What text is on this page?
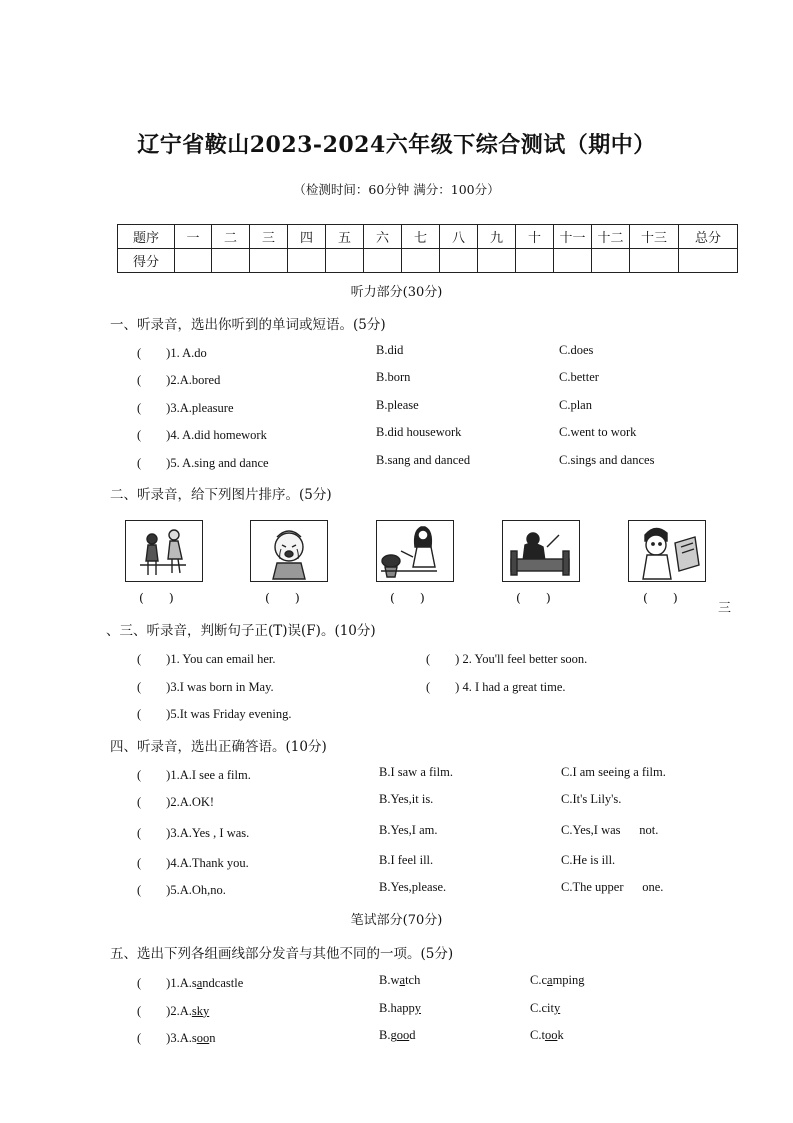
辽宁省鞍山2023-2024六年级下综合测试（期中）
（检测时间：60分钟 满分：100分）
题序	一	二	三	四	五	六	七	八	九	十	十一	十二	十三	总分
得分														
听力部分(30分)
一、听录音，选出你听到的单词或短语。(5分)
(　　)1. A.do	B.did	C.does
(　　)2.A.bored	B.born	C.better
(　　)3.A.pleasure	B.please	C.plan
(　　)4. A.did homework	B.did housework	C.went to work
(　　)5. A.sing and dance	B.sang and danced	C.sings and dances
二、听录音，给下列图片排序。(5分)
(　　)	(　　)	(　　)	(　　)	(　　)
三
、三、听录音，判断句子正(T)误(F)。(10分)
(　　)1. You can email her.	(　　) 2. You'll feel better soon.
(　　)3.I was born in May.	(　　) 4. I had a great time.
(　　)5.It was Friday evening.
四、听录音，选出正确答语。(10分)
(　　)1.A.I see a film.	B.I saw a film.	C.I am seeing a film.
(　　)2.A.OK!	B.Yes,it is.	C.It's Lily's.
(　　)3.A.Yes , I was.	B.Yes,I am.	C.Yes,I was      not.
(　　)4.A.Thank you.	B.I feel ill.	C.He is ill.
(　　)5.A.Oh,no.	B.Yes,please.	C.The upper      one.
笔试部分(70分)
五、选出下列各组画线部分发音与其他不同的一项。(5分)
(　　)1.A.sandcastle	B.watch	C.camping
(　　)2.A.sky	B.happy	C.city
(　　)3.A.soon	B.good	C.took
